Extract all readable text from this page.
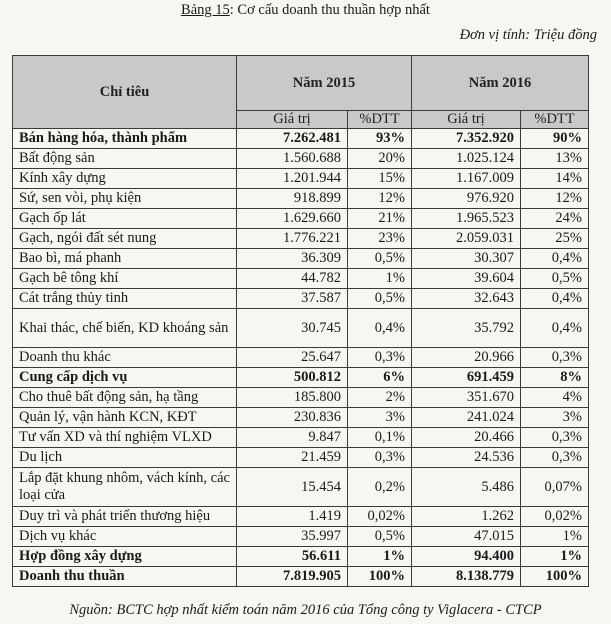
Bảng 15: Cơ cấu doanh thu thuần hợp nhất
Đơn vị tính: Triệu đồng
Chỉ tiêu	Năm 2015		Năm 2016	
	Giá trị	%DTT	Giá trị	%DTT
Bán hàng hóa, thành phẩm	7.262.481	93%	7.352.920	90%
Bất động sản	1.560.688	20%	1.025.124	13%
Kính xây dựng	1.201.944	15%	1.167.009	14%
Sứ, sen vòi, phụ kiện	918.899	12%	976.920	12%
Gạch ốp lát	1.629.660	21%	1.965.523	24%
Gạch, ngói đất sét nung	1.776.221	23%	2.059.031	25%
Bao bì, má phanh	36.309	0,5%	30.307	0,4%
Gạch bê tông khí	44.782	1%	39.604	0,5%
Cát trắng thủy tinh	37.587	0,5%	32.643	0,4%
Khai thác, chế biến, KD khoáng sản	30.745	0,4%	35.792	0,4%
Doanh thu khác	25.647	0,3%	20.966	0,3%
Cung cấp dịch vụ	500.812	6%	691.459	8%
Cho thuê bất động sản, hạ tầng	185.800	2%	351.670	4%
Quản lý, vận hành KCN, KĐT	230.836	3%	241.024	3%
Tư vấn XD và thí nghiệm VLXD	9.847	0,1%	20.466	0,3%
Du lịch	21.459	0,3%	24.536	0,3%
Lắp đặt khung nhôm, vách kính, các loại cửa	15.454	0,2%	5.486	0,07%
Duy trì và phát triển thương hiệu	1.419	0,02%	1.262	0,02%
Dịch vụ khác	35.997	0,5%	47.015	1%
Hợp đồng xây dựng	56.611	1%	94.400	1%
Doanh thu thuần	7.819.905	100%	8.138.779	100%
Nguồn: BCTC hợp nhất kiểm toán năm 2016 của Tổng công ty Viglacera - CTCP
